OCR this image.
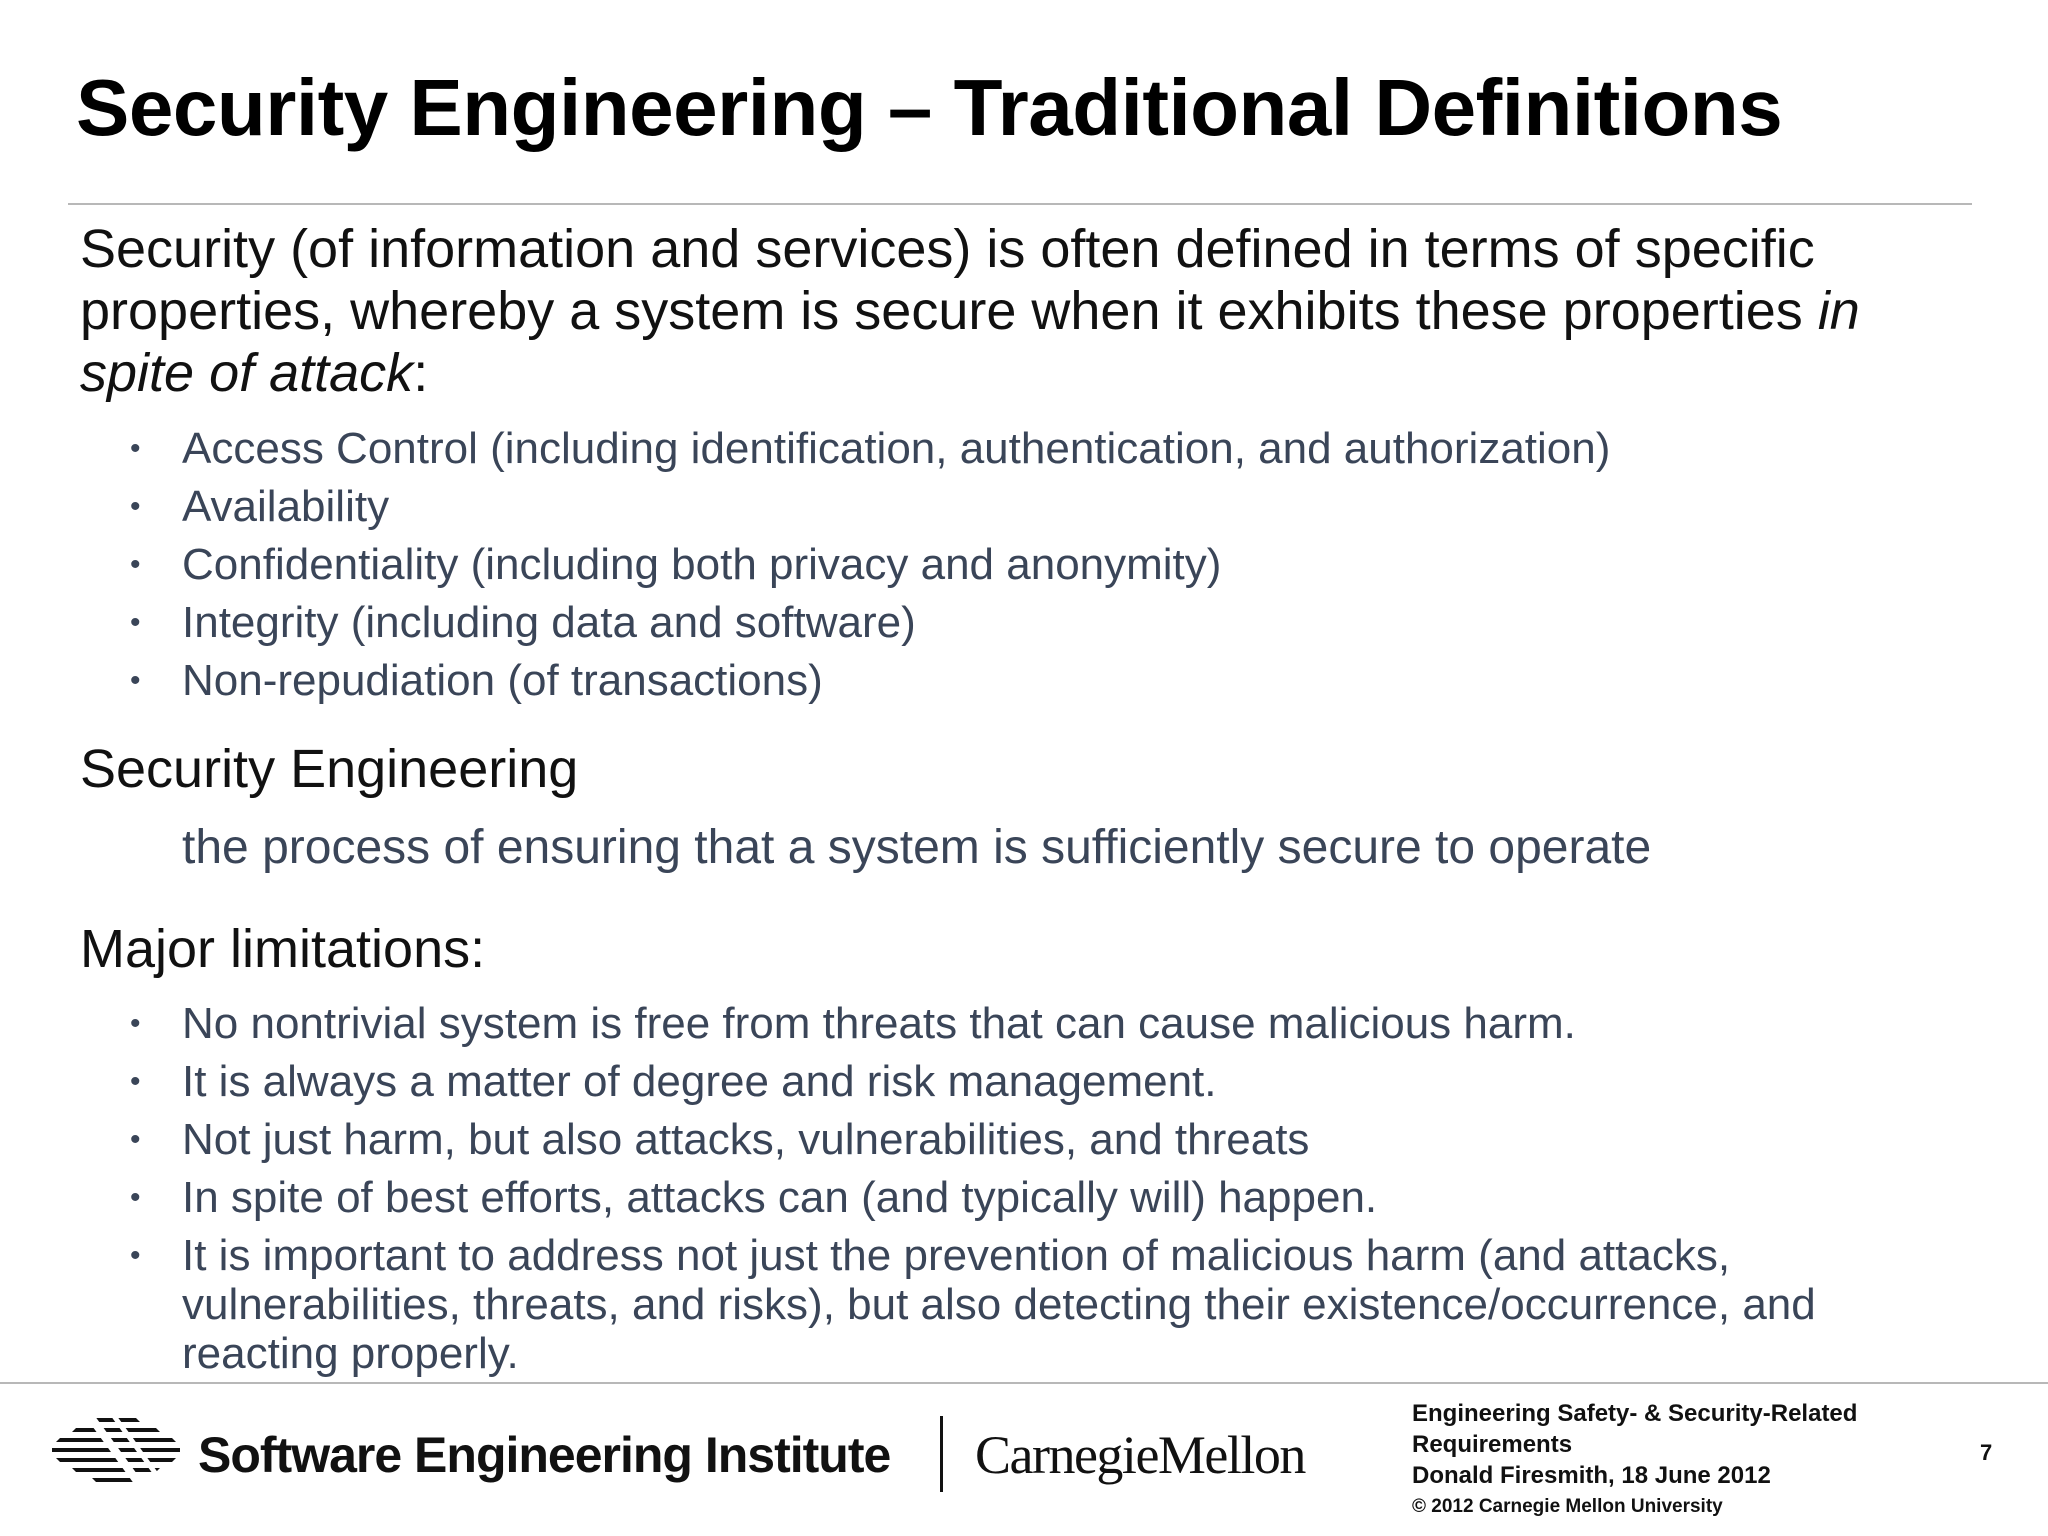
Security Engineering – Traditional Definitions
Security (of information and services) is often defined in terms of specific properties, whereby a system is secure when it exhibits these properties in spite of attack:
• Access Control (including identification, authentication, and authorization)
• Availability
• Confidentiality (including both privacy and anonymity)
• Integrity (including data and software)
• Non-repudiation (of transactions)
Security Engineering
the process of ensuring that a system is sufficiently secure to operate
Major limitations:
• No nontrivial system is free from threats that can cause malicious harm.
• It is always a matter of degree and risk management.
• Not just harm, but also attacks, vulnerabilities, and threats
• In spite of best efforts, attacks can (and typically will) happen.
• It is important to address not just the prevention of malicious harm (and attacks, vulnerabilities, threats, and risks), but also detecting their existence/occurrence, and reacting properly.
Software Engineering Institute CarnegieMellon
Engineering Safety- & Security-Related
Requirements
Donald Firesmith, 18 June 2012
© 2012 Carnegie Mellon University
7
